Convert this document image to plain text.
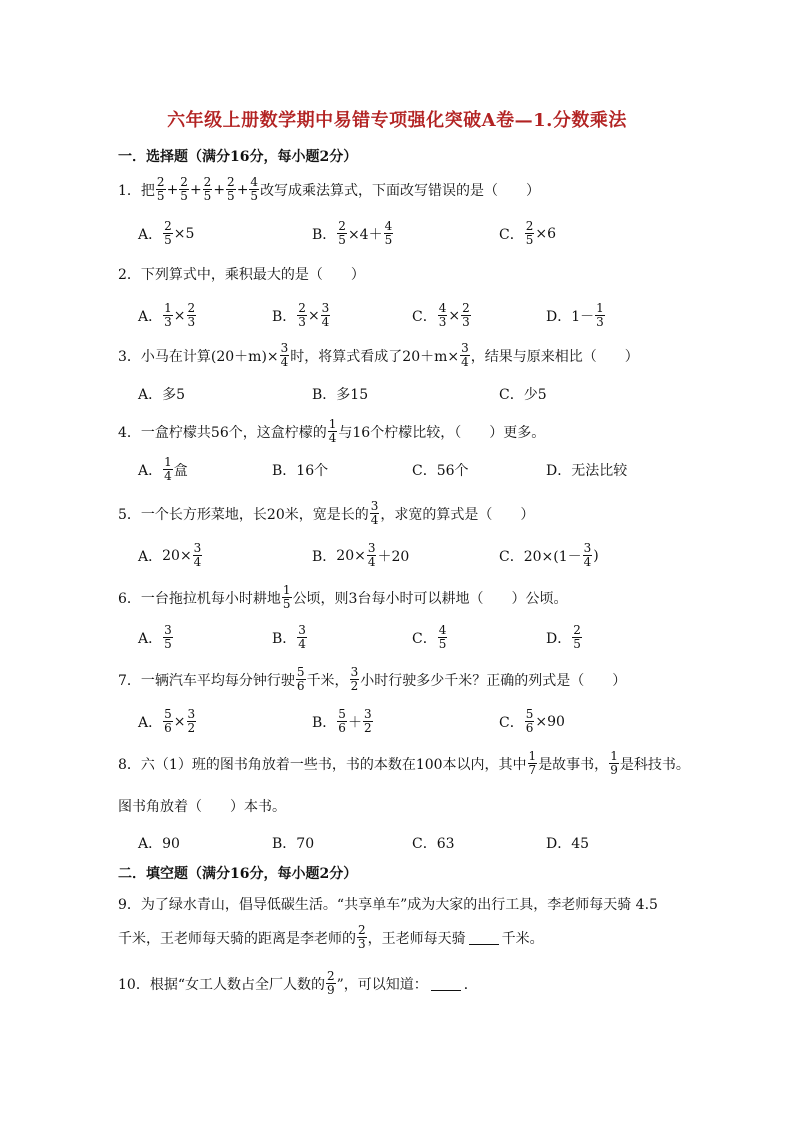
六年级上册数学期中易错专项强化突破A卷—1.分数乘法
一．选择题（满分16分，每小题2分）
1． 把 $\frac{2}{5} + \frac{2}{5} + \frac{2}{5} + \frac{2}{5} + \frac{4}{5}$ 改写成乘法算式，下面改写错误的是（　　）
A． $\frac{2}{5} \times 5$	B． $\frac{2}{5} \times 4+ \frac{4}{5}$	C． $\frac{2}{5} \times 6$
2．下列算式中，乘积最大的是（　　）
A． $\frac{1}{3} \times \frac{2}{3}$	B． $\frac{2}{3} \times \frac{3}{4}$	C． $\frac{4}{3} \times \frac{2}{3}$	D． $1- \frac{1}{3}$
3．小马在计算$(20+m)\times \frac{3}{4}$ 时，将算式看成了$20+m\times \frac{3}{4}$ ，结果与原来相比（　　）
A．多5	B．多15	C．少5
4．一盒柠檬共56个，这盒柠檬的 $\frac{1}{4}$ 与16个柠檬比较，（　　）更多。
A． $\frac{1}{4}$ 盒	B．16个	C．56个	D．无法比较
5．一个长方形菜地，长20米，宽是长的 $\frac{3}{4}$ ，求宽的算式是（　　）
A． $20\times \frac{3}{4}$	B． $20\times \frac{3}{4} +20$	C． $20\times(1- \frac{3}{4}$ )
6．一台拖拉机每小时耕地 $\frac{1}{5}$ 公顷，则3台每小时可以耕地（　　）公顷。
A． $\frac{3}{5}$	B． $\frac{3}{4}$	C． $\frac{4}{5}$	D． $\frac{2}{5}$
7．一辆汽车平均每分钟行驶 $\frac{5}{6}$ 千米， $\frac{3}{2}$ 小时行驶多少千米？正确的列式是（　　）
A． $\frac{5}{6} \times \frac{3}{2}$	B． $\frac{5}{6} + \frac{3}{2}$	C． $\frac{5}{6} \times 90$
8．六（1）班的图书角放着一些书，书的本数在100本以内，其中 $\frac{1}{7}$ 是故事书， $\frac{1}{9}$ 是科技书。
图书角放着（　　）本书。
A．90	B．70	C．63	D．45
二．填空题（满分16分，每小题2分）
9．为了绿水青山，倡导低碳生活。“共享单车”成为大家的出行工具，李老师每天骑 4.5
千米，王老师每天骑的距离是李老师的 $\frac{2}{3}$ ，王老师每天骑	千米。
10．根据“女工人数占全厂人数的 $\frac{2}{9}$ ”，可以知道：	．
